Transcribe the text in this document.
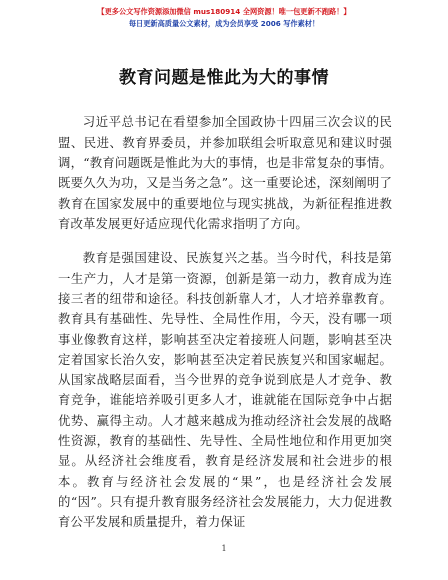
【更多公文写作资源添加微信 mus180914 全网资源！唯一包更新不跑路！】
每日更新高质量公文素材，成为会员享受 2006 写作素材！
教育问题是惟此为大的事情

习近平总书记在看望参加全国政协十四届三次会议的民盟、民进、教育界委员，并参加联组会听取意见和建议时强调，“教育问题既是惟此为大的事情，也是非常复杂的事情。既要久久为功，又是当务之急”。这一重要论述，深刻阐明了教育在国家发展中的重要地位与现实挑战，为新征程推进教育改革发展更好适应现代化需求指明了方向。

教育是强国建设、民族复兴之基。当今时代，科技是第一生产力，人才是第一资源，创新是第一动力，教育成为连接三者的纽带和途径。科技创新靠人才，人才培养靠教育。教育具有基础性、先导性、全局性作用，今天，没有哪一项事业像教育这样，影响甚至决定着接班人问题，影响甚至决定着国家长治久安，影响甚至决定着民族复兴和国家崛起。从国家战略层面看，当今世界的竞争说到底是人才竞争、教育竞争，谁能培养吸引更多人才，谁就能在国际竞争中占据优势、赢得主动。人才越来越成为推动经济社会发展的战略性资源，教育的基础性、先导性、全局性地位和作用更加突显。从经济社会维度看，教育是经济发展和社会进步的根本。教育与经济社会发展的“果”，也是经济社会发展的“因”。只有提升教育服务经济社会发展能力，大力促进教育公平发展和质量提升，着力保证

1
